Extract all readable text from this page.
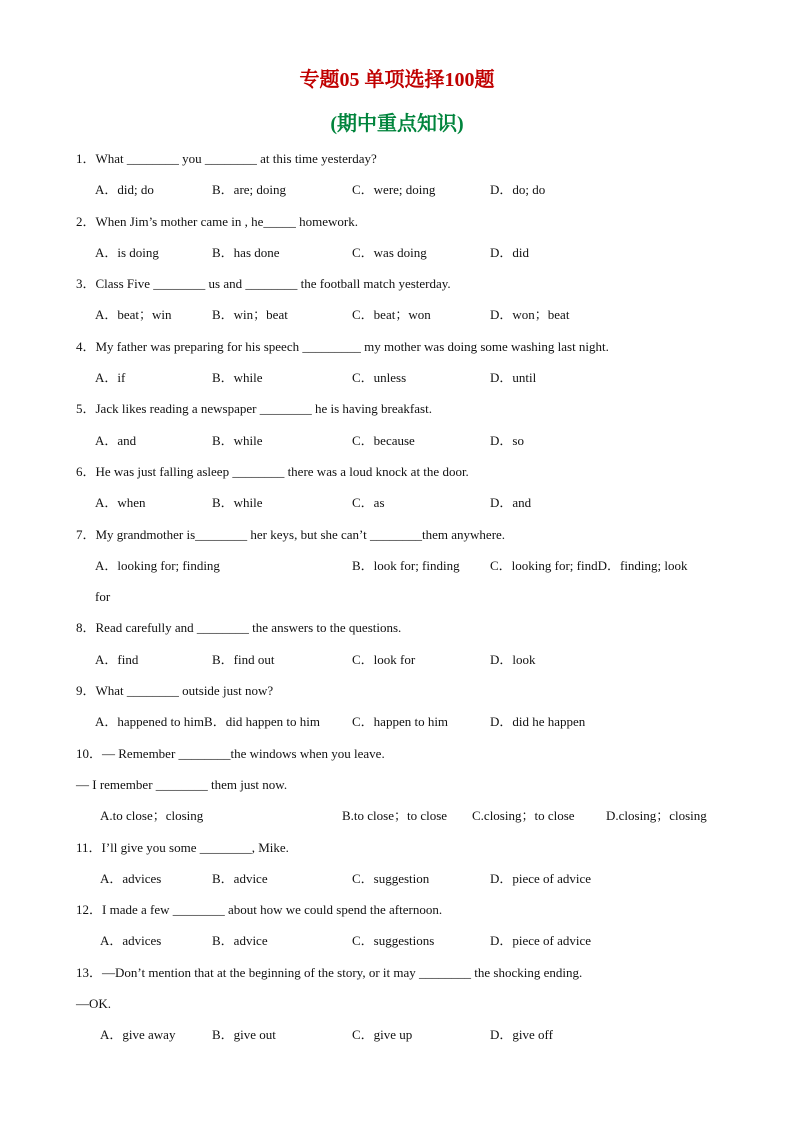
专题05 单项选择100题
(期中重点知识)
1．What ________ you ________ at this time yesterday?
A．did; do	B．are; doing	C．were; doing	D．do; do
2．When Jim’s mother came in , he_____ homework.
A．is doing	B．has done	C．was doing	D．did
3．Class Five ________ us and ________ the football match yesterday.
A．beat；win	B．win；beat	C．beat；won	D．won；beat
4．My father was preparing for his speech _________ my mother was doing some washing last night.
A．if	B．while	C．unless	D．until
5．Jack likes reading a newspaper ________ he is having breakfast.
A．and	B．while	C．because	D．so
6．He was just falling asleep ________ there was a loud knock at the door.
A．when	B．while	C．as	D．and
7．My grandmother is________ her keys, but she can’t ________them anywhere.
A．looking for; finding	B．look for; finding C．looking for; findD．finding; look
for
8．Read carefully and ________ the answers to the questions.
A．find	B．find out	C．look for	D．look
9．What ________ outside just now?
A．happened to himB．did happen to him C．happen to him	D．did he happen
10．— Remember ________the windows when you leave.
— I remember ________ them just now.
A.to close；closing	B.to close；to close C.closing；to close D.closing；closing
11．I’ll give you some ________, Mike.
A．advices	B．advice	C．suggestion	D．piece of advice
12．I made a few ________ about how we could spend the afternoon.
A．advices	B．advice	C．suggestions	D．piece of advice
13．—Don’t mention that at the beginning of the story, or it may ________ the shocking ending.
—OK.
A．give away	B．give out	C．give up	D．give off
